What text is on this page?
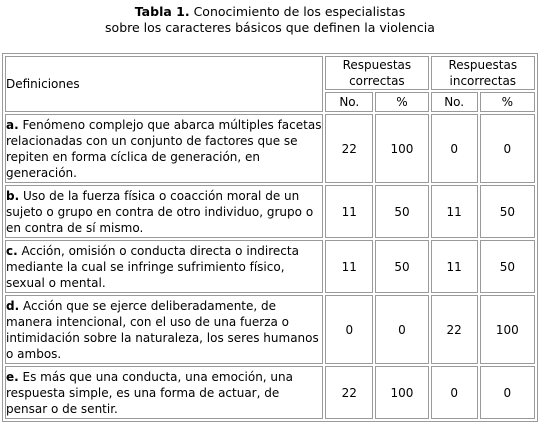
Tabla 1. Conocimiento de los especialistas
sobre los caracteres básicos que definen la violencia
Definiciones	Respuestas correctas		Respuestas incorrectas	
	No.	%	No.	%
a. Fenómeno complejo que abarca múltiples facetas relacionadas con un conjunto de factores que se repiten en forma cíclica de generación, en generación.	22	100	0	0
b. Uso de la fuerza física o coacción moral de un sujeto o grupo en contra de otro individuo, grupo o en contra de sí mismo.	11	50	11	50
c. Acción, omisión o conducta directa o indirecta mediante la cual se infringe sufrimiento físico, sexual o mental.	11	50	11	50
d. Acción que se ejerce deliberadamente, de manera intencional, con el uso de una fuerza o intimidación sobre la naturaleza, los seres humanos o ambos.	0	0	22	100
e. Es más que una conducta, una emoción, una respuesta simple, es una forma de actuar, de pensar o de sentir.	22	100	0	0
